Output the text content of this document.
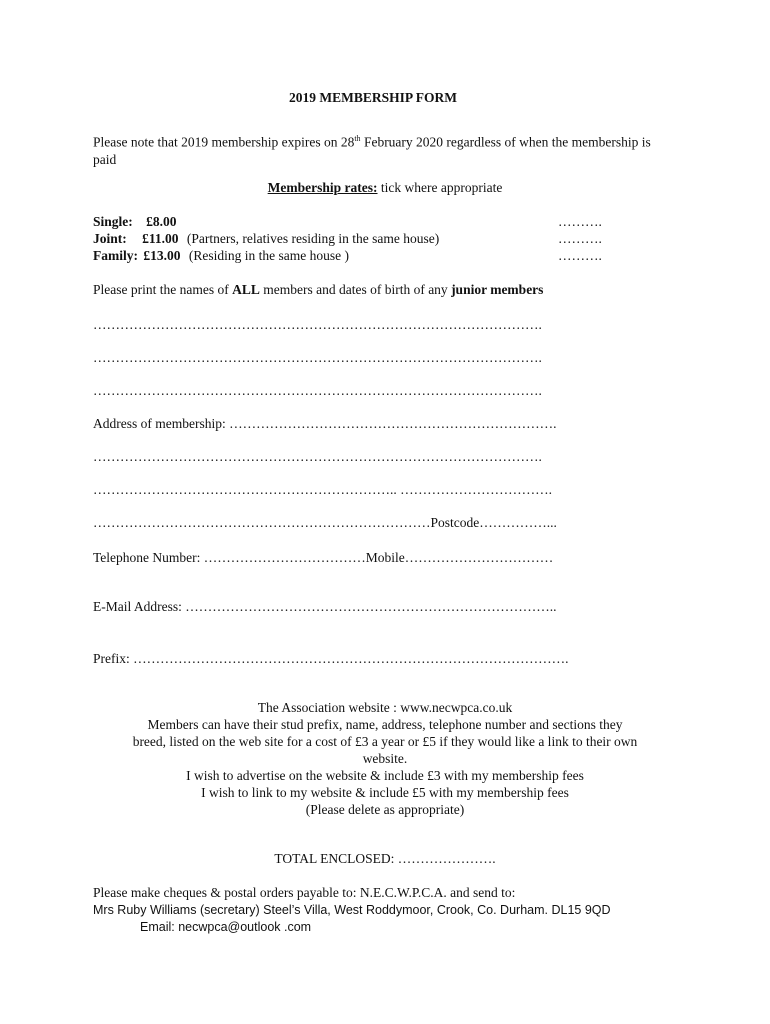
2019 MEMBERSHIP FORM
Please note that 2019 membership expires on 28th February 2020 regardless of when the membership is paid
Membership rates: tick where appropriate
Single: £8.00	……….
Joint: £11.00 (Partners, relatives residing in the same house)	……….
Family: £13.00 (Residing in the same house )	……….
Please print the names of ALL members and dates of birth of any junior members
……………………………………………………………………………………….
……………………………………………………………………………………….
……………………………………………………………………………………….
Address of membership: ……………………………………………………………….
……………………………………………………………………………………….
………………………………………………………….. …………………………….
…………………………………………………………………Postcode……………...
Telephone Number: ………………………………Mobile……………………………
E-Mail Address: ………………………………………………………………………..
Prefix: …………………………………………………………………………………….
The Association website : www.necwpca.co.uk
Members can have their stud prefix, name, address, telephone number and sections they
breed, listed on the web site for a cost of £3 a year or £5 if they would like a link to their own
website.
I wish to advertise on the website & include £3 with my membership fees
I wish to link to my website & include £5 with my membership fees
(Please delete as appropriate)
TOTAL ENCLOSED: ………………….
Please make cheques & postal orders payable to: N.E.C.W.P.C.A. and send to:
Mrs Ruby Williams (secretary) Steel’s Villa, West Roddymoor, Crook, Co. Durham. DL15 9QD
Email: necwpca@outlook .com
